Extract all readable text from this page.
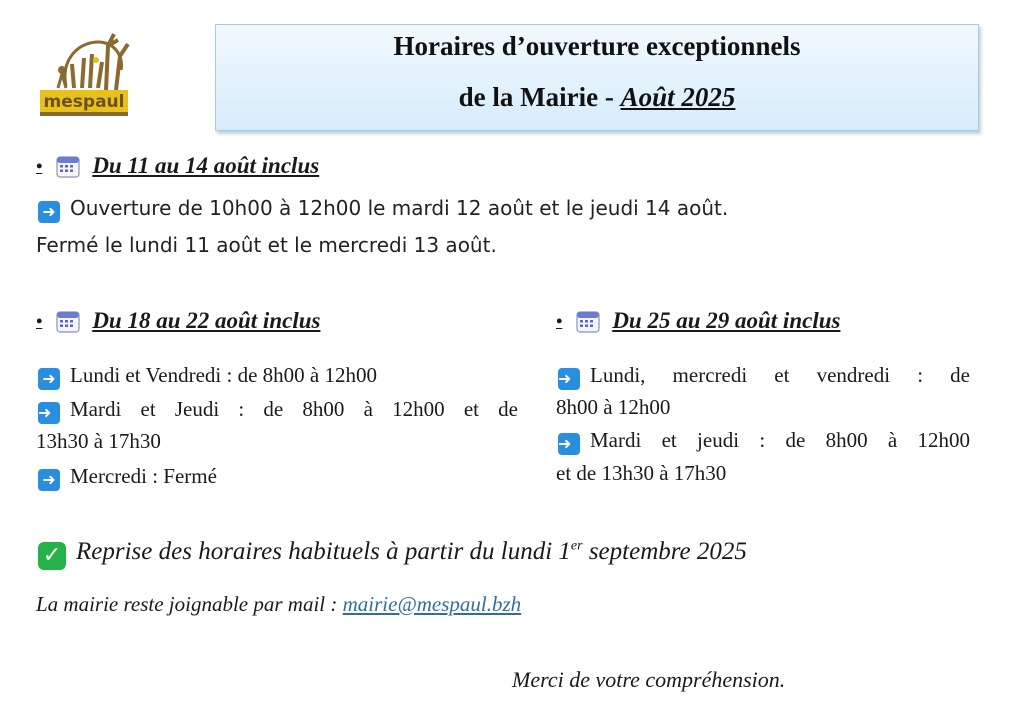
mespaul
Horaires d’ouverture exceptionnels
de la Mairie - Août 2025
• Du 11 au 14 août inclus
➜ Ouverture de 10h00 à 12h00 le mardi 12 août et le jeudi 14 août.
Fermé le lundi 11 août et le mercredi 13 août.
• Du 18 au 22 août inclus
➜ Lundi et Vendredi : de 8h00 à 12h00
➜ Mardi et Jeudi : de 8h00 à 12h00 et de
13h30 à 17h30
➜ Mercredi : Fermé
• Du 25 au 29 août inclus
➜ Lundi, mercredi et vendredi : de
8h00 à 12h00
➜ Mardi et jeudi : de 8h00 à 12h00
et de 13h30 à 17h30
✓ Reprise des horaires habituels à partir du lundi 1er septembre 2025
La mairie reste joignable par mail : mairie@mespaul.bzh
Merci de votre compréhension.
